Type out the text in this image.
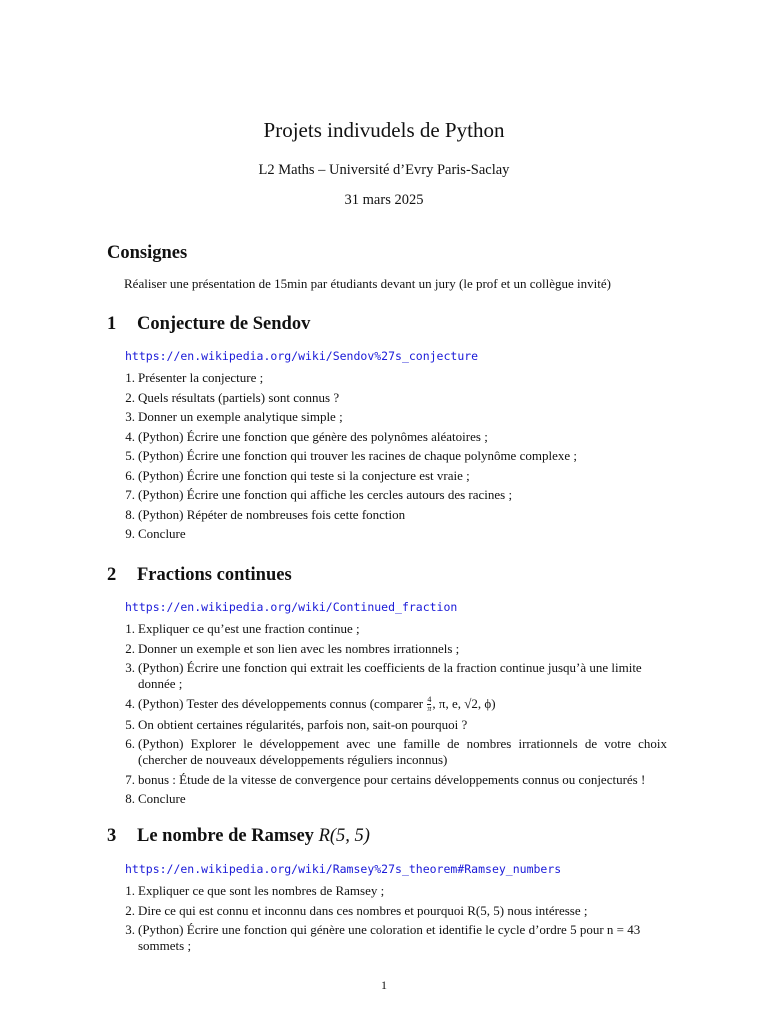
Projets indivudels de Python
L2 Maths – Université d’Evry Paris-Saclay
31 mars 2025
Consignes
Réaliser une présentation de 15min par étudiants devant un jury (le prof et un collègue invité)
1 Conjecture de Sendov
https://en.wikipedia.org/wiki/Sendov%27s_conjecture
1 . Présenter la conjecture ;
2 . Quels résultats (partiels) sont connus ?
3 . Donner un exemple analytique simple ;
4 . (Python) Écrire une fonction que génère des polynômes aléatoires ;
5 . (Python) Écrire une fonction qui trouver les racines de chaque polynôme complexe ;
6 . (Python) Écrire une fonction qui teste si la conjecture est vraie ;
7 . (Python) Écrire une fonction qui affiche les cercles autours des racines ;
8 . (Python) Répéter de nombreuses fois cette fonction
9 . Conclure
2 Fractions continues
https://en.wikipedia.org/wiki/Continued_fraction
1 . Expliquer ce qu’est une fraction continue ;
2 . Donner un exemple et son lien avec les nombres irrationnels ;
3 . (Python) Écrire une fonction qui extrait les coefficients de la fraction continue jusqu’à une limite donnée ;
4 . (Python) Tester des développements connus (comparer $\frac{4}{\pi}$ , π, e, √2, ϕ)
5 . On obtient certaines régularités, parfois non, sait-on pourquoi ?
6 . (Python) Explorer le développement avec une famille de nombres irrationnels de votre choix (chercher de nouveaux développements réguliers inconnus)
7 . bonus : Étude de la vitesse de convergence pour certains développements connus ou conjecturés !
8 . Conclure
3 Le nombre de Ramsey R(5, 5)
https://en.wikipedia.org/wiki/Ramsey%27s_theorem#Ramsey_numbers
1 . Expliquer ce que sont les nombres de Ramsey ;
2 . Dire ce qui est connu et inconnu dans ces nombres et pourquoi R(5, 5) nous intéresse ;
3 . (Python) Écrire une fonction qui génère une coloration et identifie le cycle d’ordre 5 pour n = 43 sommets ;
1
